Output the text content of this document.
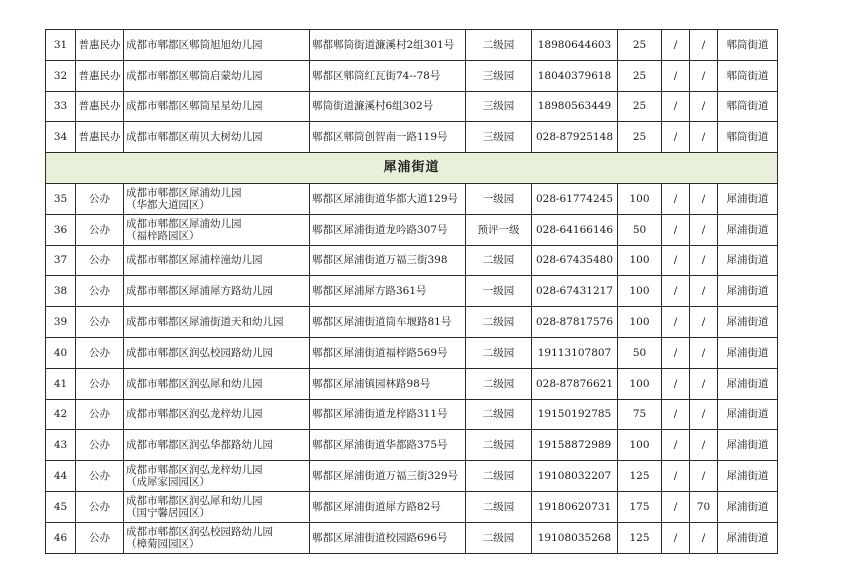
31	普惠民办	成都市郫都区郫筒旭旭幼儿园	郫都郫筒街道濂溪村2组301号	二级园	18980644603	25	/	/	郫筒街道
32	普惠民办	成都市郫都区郫筒启蒙幼儿园	郫都区郫筒红瓦街74--78号	三级园	18040379618	25	/	/	郫筒街道
33	普惠民办	成都市郫都区郫筒星星幼儿园	郫筒街道濂溪村6组302号	三级园	18980563449	25	/	/	郫筒街道
34	普惠民办	成都市郫都区萌贝大树幼儿园	郫都区郫筒创智南一路119号	三级园	028-87925148	25	/	/	郫筒街道
犀浦街道									
35	公办	成都市郫都区犀浦幼儿园
（华都大道园区）	郫都区犀浦街道华都大道129号	一级园	028-61774245	100	/	/	犀浦街道
36	公办	成都市郫都区犀浦幼儿园
（福梓路园区）	郫都区犀浦街道龙吟路307号	预评一级	028-64166146	50	/	/	犀浦街道
37	公办	成都市郫都区犀浦梓潼幼儿园	郫都区犀浦街道万福三街398	二级园	028-67435480	100	/	/	犀浦街道
38	公办	成都市郫都区犀浦犀方路幼儿园	郫都区犀浦犀方路361号	一级园	028-67431217	100	/	/	犀浦街道
39	公办	成都市郫都区犀浦街道天和幼儿园	郫都区犀浦街道筒车堰路81号	二级园	028-87817576	100	/	/	犀浦街道
40	公办	成都市郫都区润弘校园路幼儿园	郫都区犀浦街道福梓路569号	二级园	19113107807	50	/	/	犀浦街道
41	公办	成都市郫都区润弘犀和幼儿园	郫都区犀浦镇园林路98号	二级园	028-87876621	100	/	/	犀浦街道
42	公办	成都市郫都区润弘龙梓幼儿园	郫都区犀浦街道龙梓路311号	二级园	19150192785	75	/	/	犀浦街道
43	公办	成都市郫都区润弘华都路幼儿园	郫都区犀浦街道华都路375号	二级园	19158872989	100	/	/	犀浦街道
44	公办	成都市郫都区润弘龙梓幼儿园
（成犀家园园区）	郫都区犀浦街道万福三街329号	二级园	19108032207	125	/	/	犀浦街道
45	公办	成都市郫都区润弘犀和幼儿园
（国宁馨居园区）	郫都区犀浦街道犀方路82号	二级园	19180620731	175	/	70	犀浦街道
46	公办	成都市郫都区润弘校园路幼儿园
（樟菊园园区）	郫都区犀浦街道校园路696号	二级园	19108035268	125	/	/	犀浦街道
